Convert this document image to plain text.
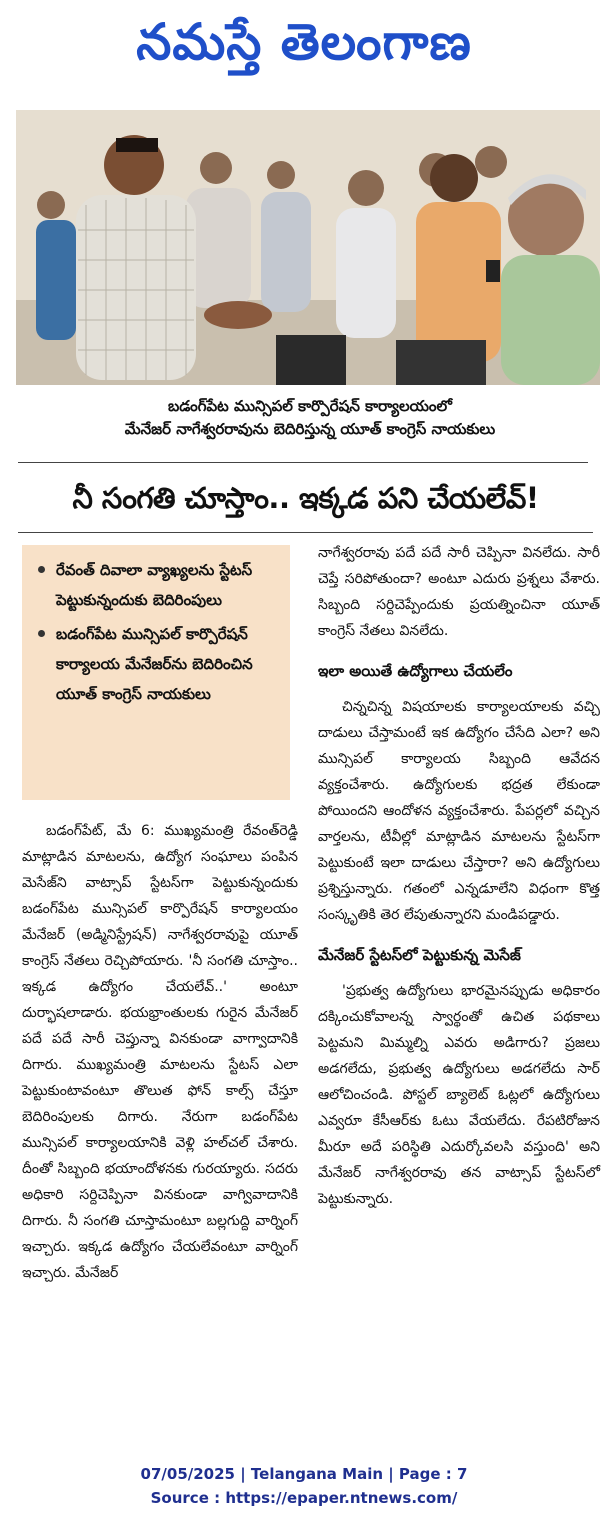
నమస్తే తెలంగాణ
బడంగ్‌పేట మున్సిపల్ కార్పొరేషన్ కార్యాలయంలో
మేనేజర్ నాగేశ్వరరావును బెదిరిస్తున్న యూత్ కాంగ్రెస్ నాయకులు
నీ సంగతి చూస్తాం.. ఇక్కడ పని చేయలేవ్!
రేవంత్ దివాలా వ్యాఖ్యలను స్టేటస్ పెట్టుకున్నందుకు బెదిరింపులు
బడంగ్‌పేట మున్సిపల్ కార్పొరేషన్ కార్యాలయ మేనేజర్‌ను బెదిరించిన యూత్ కాంగ్రెస్ నాయకులు

బడంగ్‌పేట్, మే 6: ముఖ్యమంత్రి రేవంత్‌రెడ్డి మాట్లాడిన మాటలను, ఉద్యోగ సంఘాలు పంపిన మెసేజ్‌ని వాట్సాప్ స్టేటస్‌గా పెట్టుకున్నందుకు బడంగ్‌పేట మున్సిపల్ కార్పొరేషన్ కార్యాలయం మేనేజర్ (అడ్మినిస్ట్రేషన్) నాగేశ్వరరావుపై యూత్ కాంగ్రెస్ నేతలు రెచ్చిపోయారు. 'నీ సంగతి చూస్తాం.. ఇక్కడ ఉద్యోగం చేయలేవ్..' అంటూ దుర్భాషలాడారు. భయభ్రాంతులకు గురైన మేనేజర్ పదే పదే సారీ చెప్తున్నా వినకుండా వాగ్వాదానికి దిగారు. ముఖ్యమంత్రి మాటలను స్టేటస్ ఎలా పెట్టుకుంటావంటూ తొలుత ఫోన్ కాల్స్ చేస్తూ బెదిరింపులకు దిగారు. నేరుగా బడంగ్‌పేట మున్సిపల్ కార్యాలయానికి వెళ్లి హల్‌చల్ చేశారు. దీంతో సిబ్బంది భయాందోళనకు గురయ్యారు. సదరు అధికారి సర్దిచెప్పినా వినకుండా వాగ్వివాదానికి దిగారు. నీ సంగతి చూస్తామంటూ బల్లగుద్ది వార్నింగ్ ఇచ్చారు. ఇక్కడ ఉద్యోగం చేయలేవంటూ వార్నింగ్ ఇచ్చారు. మేనేజర్

నాగేశ్వరరావు పదే పదే సారీ చెప్పినా వినలేదు. సారీ చెప్తే సరిపోతుందా? అంటూ ఎదురు ప్రశ్నలు వేశారు. సిబ్బంది సర్దిచెప్పేందుకు ప్రయత్నించినా యూత్ కాంగ్రెస్ నేతలు వినలేదు.

ఇలా అయితే ఉద్యోగాలు చేయలేం

చిన్నచిన్న విషయాలకు కార్యాలయాలకు వచ్చి దాడులు చేస్తామంటే ఇక ఉద్యోగం చేసేది ఎలా? అని మున్సిపల్ కార్యాలయ సిబ్బంది ఆవేదన వ్యక్తంచేశారు. ఉద్యోగులకు భద్రత లేకుండా పోయిందని ఆందోళన వ్యక్తంచేశారు. పేపర్లలో వచ్చిన వార్తలను, టీవీల్లో మాట్లాడిన మాటలను స్టేటస్‌గా పెట్టుకుంటే ఇలా దాడులు చేస్తారా? అని ఉద్యోగులు ప్రశ్నిస్తున్నారు. గతంలో ఎన్నడూలేని విధంగా కొత్త సంస్కృతికి తెర లేపుతున్నారని మండిపడ్డారు.

మేనేజర్ స్టేటస్‌లో పెట్టుకున్న మెసేజ్

'ప్రభుత్వ ఉద్యోగులు భారమైనప్పుడు అధికారం దక్కించుకోవాలన్న స్వార్థంతో ఉచిత పథకాలు పెట్టమని మిమ్మల్ని ఎవరు అడిగారు? ప్రజలు అడగలేదు, ప్రభుత్వ ఉద్యోగులు అడగలేదు సార్ ఆలోచించండి. పోస్టల్ బ్యాలెట్ ఓట్లలో ఉద్యోగులు ఎవ్వరూ కేసీఆర్‌కు ఓటు వేయలేదు. రేపటిరోజున మీరూ అదే పరిస్థితి ఎదుర్కోవలసి వస్తుంది' అని మేనేజర్ నాగేశ్వరరావు తన వాట్సాప్ స్టేటస్‌లో పెట్టుకున్నారు.

07/05/2025 | Telangana Main | Page : 7
Source : https://epaper.ntnews.com/
